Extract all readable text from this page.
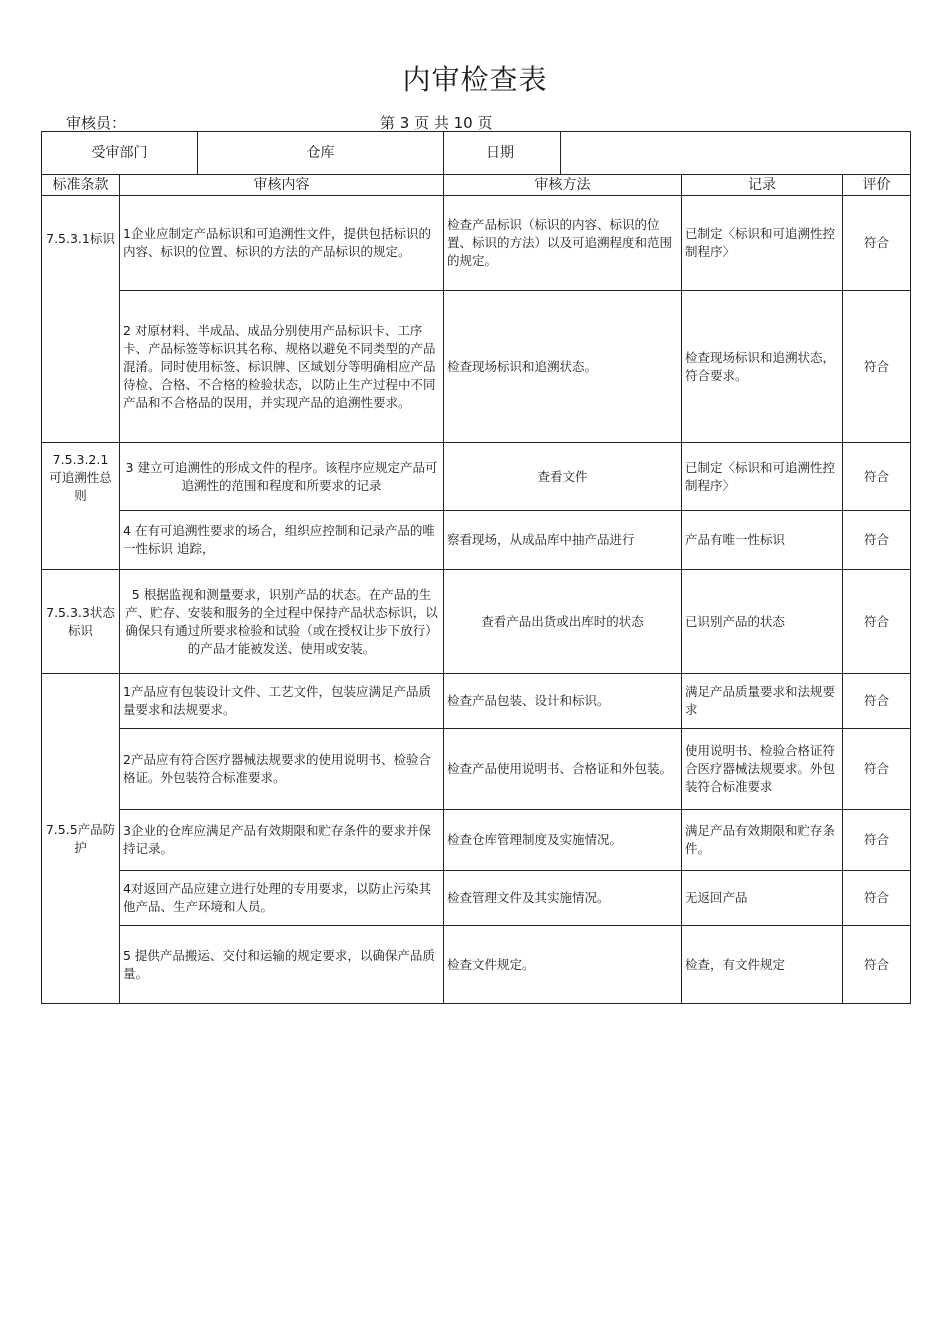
内审检查表
审核员：	第 3 页 共 10 页
受审部门		仓库	日期			
标准条款	审核内容		审核方法		记录	评价
7.5.3.1标识	1企业应制定产品标识和可追溯性文件，提供包括标识的内容、标识的位置、标识的方法的产品标识的规定。		检查产品标识（标识的内容、标识的位置、标识的方法）以及可追溯程度和范围的规定。		已制定〈标识和可追溯性控制程序〉	符合
	2 对原材料、半成品、成品分别使用产品标识卡、工序卡、产品标签等标识其名称、规格以避免不同类型的产品混淆。同时使用标签、标识牌、区域划分等明确相应产品待检、合格、不合格的检验状态，以防止生产过程中不同产品和不合格品的误用，并实现产品的追溯性要求。		检查现场标识和追溯状态。		检查现场标识和追溯状态，符合要求。	符合
7.5.3.2.1 可追溯性总则	3 建立可追溯性的形成文件的程序。该程序应规定产品可追溯性的范围和程度和所要求的记录		查看文件		已制定〈标识和可追溯性控制程序〉	符合
	4 在有可追溯性要求的场合，组织应控制和记录产品的唯一性标识 追踪，		察看现场，从成品库中抽产品进行		产品有唯一性标识	符合
7.5.3.3状态标识	5 根据监视和测量要求，识别产品的状态。在产品的生产、贮存、安装和服务的全过程中保持产品状态标识，以确保只有通过所要求检验和试验（或在授权让步下放行）的产品才能被发送、使用或安装。		查看产品出货或出库时的状态		已识别产品的状态	符合
7.5.5产品防护	1产品应有包装设计文件、工艺文件，包装应满足产品质量要求和法规要求。		检查产品包装、设计和标识。		满足产品质量要求和法规要求	符合
	2产品应有符合医疗器械法规要求的使用说明书、检验合格证。外包装符合标准要求。		检查产品使用说明书、合格证和外包装。		使用说明书、检验合格证符合医疗器械法规要求。外包装符合标准要求	符合
	3企业的仓库应满足产品有效期限和贮存条件的要求并保持记录。		检查仓库管理制度及实施情况。		满足产品有效期限和贮存条件。	符合
	4对返回产品应建立进行处理的专用要求，以防止污染其他产品、生产环境和人员。		检查管理文件及其实施情况。		无返回产品	符合
	5 提供产品搬运、交付和运输的规定要求，以确保产品质量。		检查文件规定。		检查，有文件规定	符合
